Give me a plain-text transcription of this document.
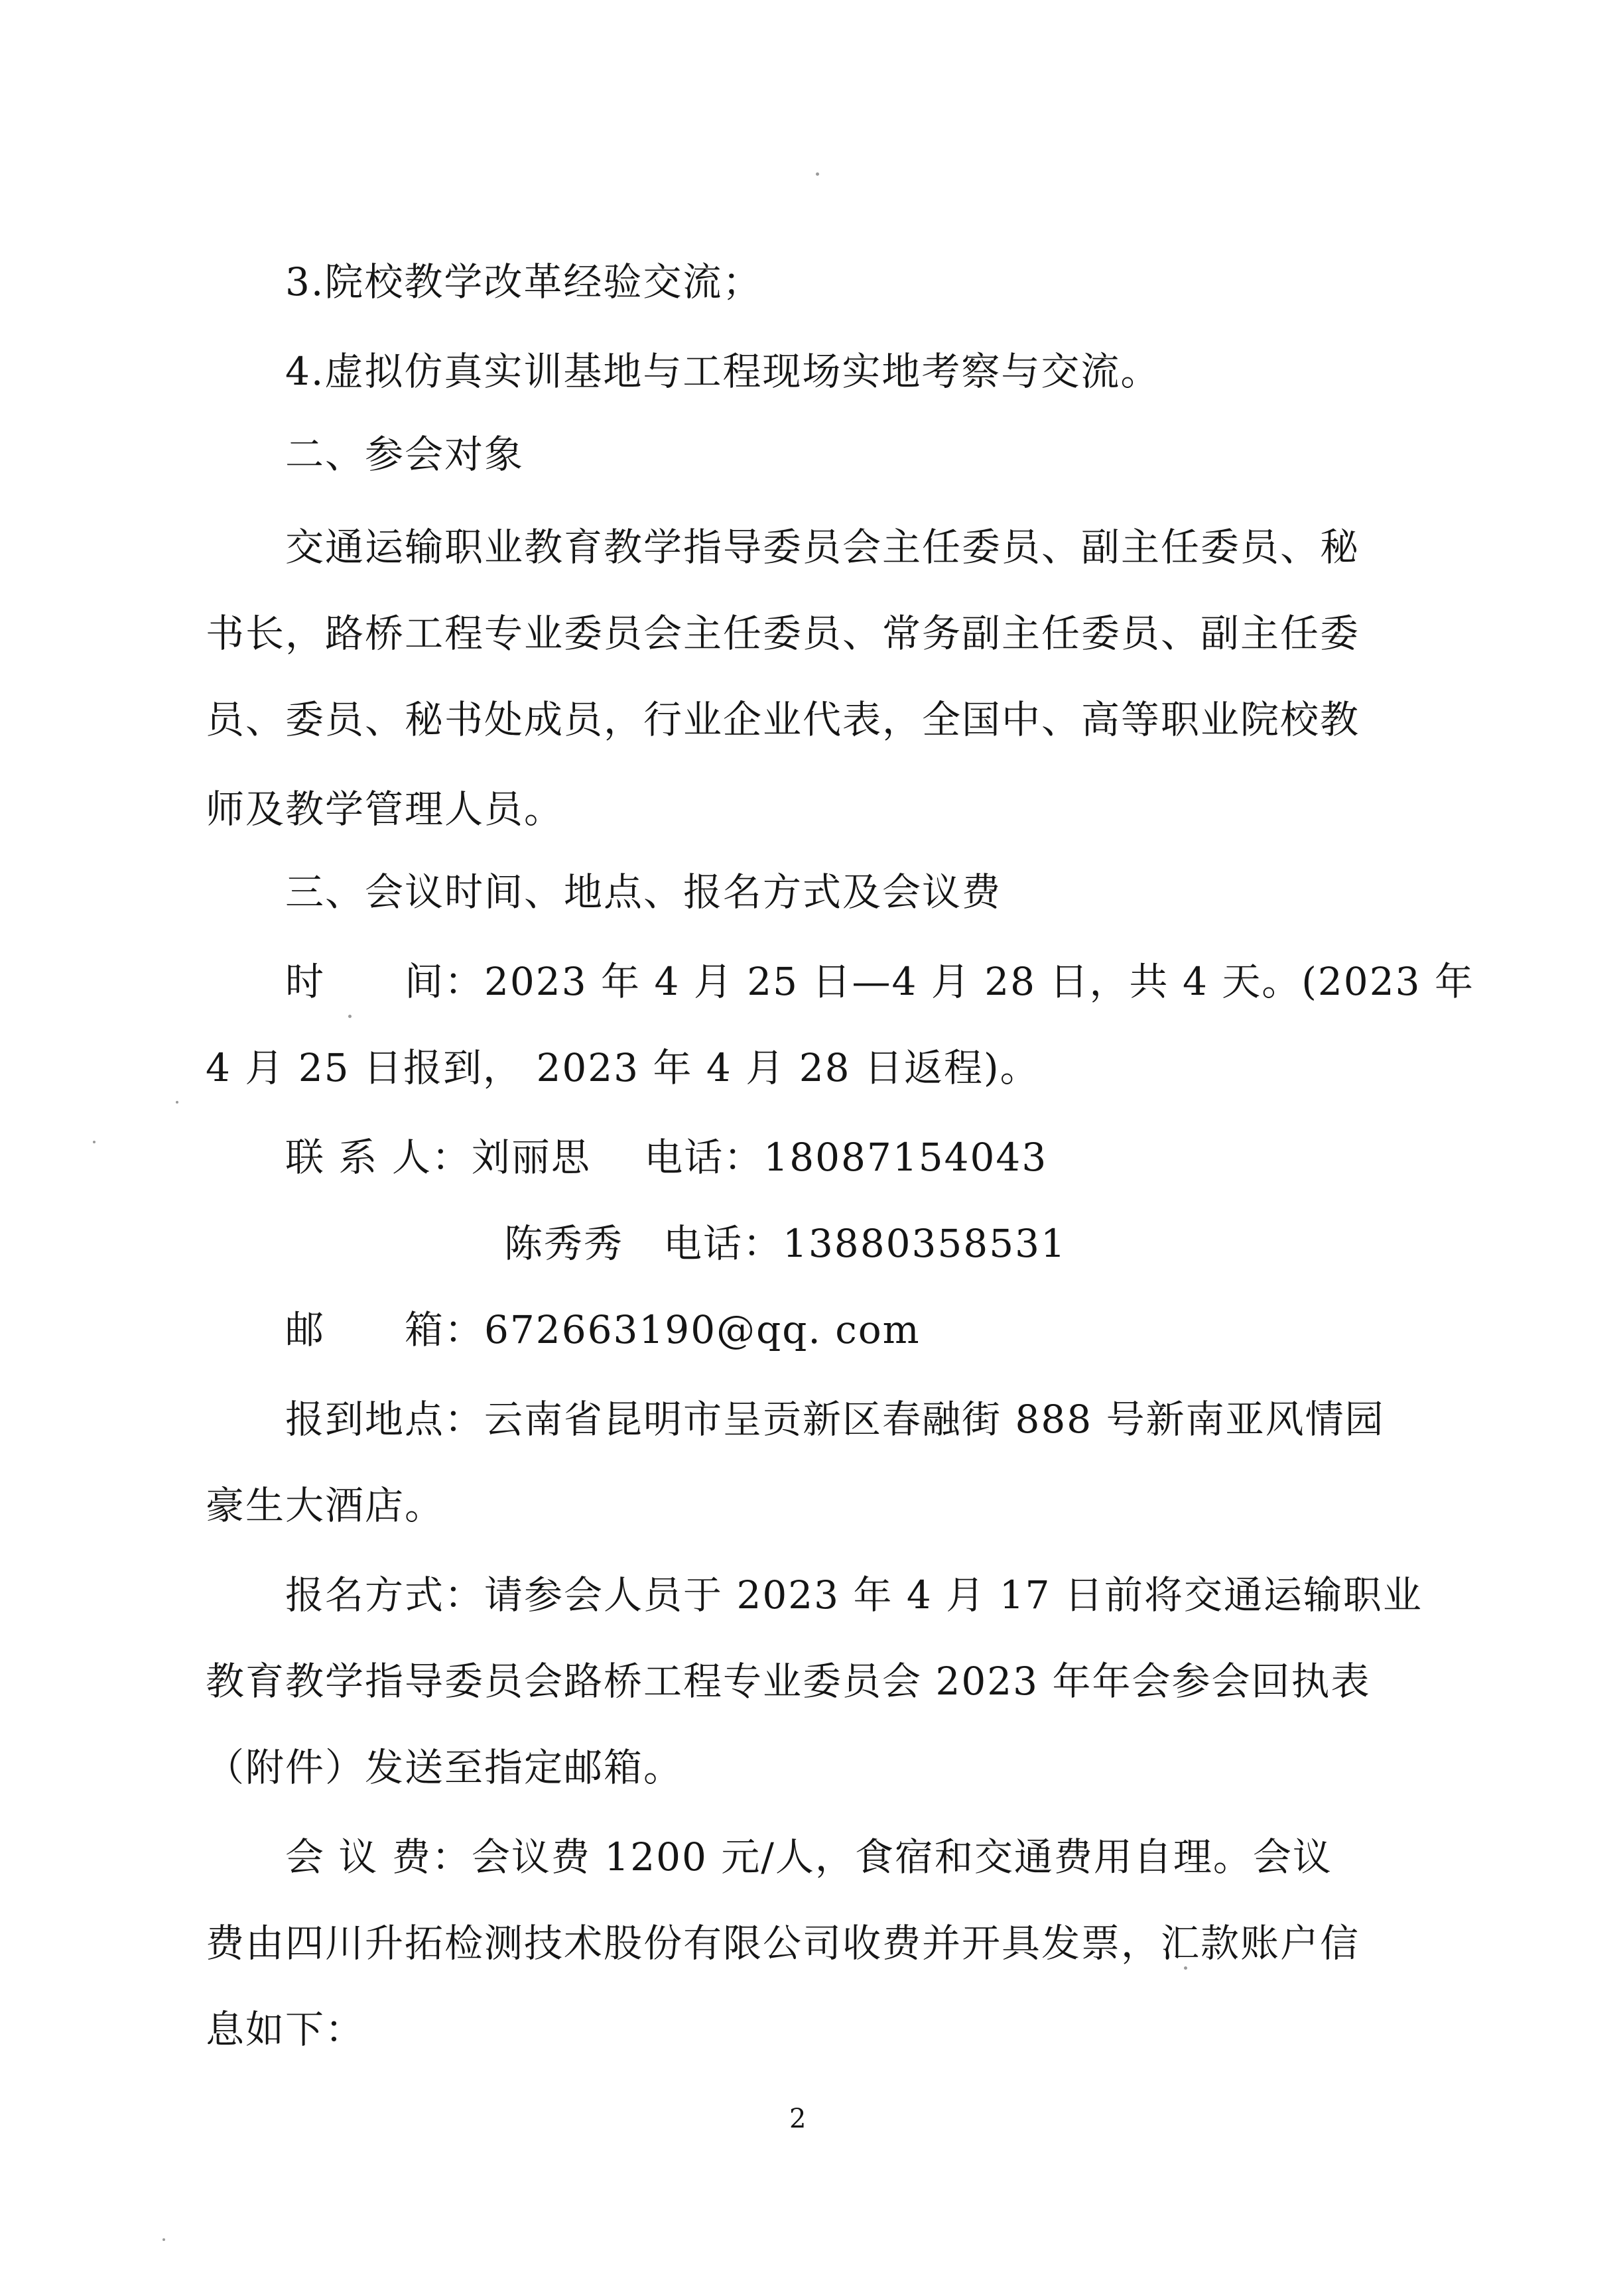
3.院校教学改革经验交流；
4.虚拟仿真实训基地与工程现场实地考察与交流。
二、参会对象
交通运输职业教育教学指导委员会主任委员、副主任委员、秘
书长，路桥工程专业委员会主任委员、常务副主任委员、副主任委
员、委员、秘书处成员，行业企业代表，全国中、高等职业院校教
师及教学管理人员。
三、会议时间、地点、报名方式及会议费
时　　间：2023 年 4 月 25 日—4 月 28 日，共 4 天。(2023 年
4 月 25 日报到， 2023 年 4 月 28 日返程)。
联 系 人：刘丽思　 电话：18087154043
陈秀秀　电话：13880358531
邮　　箱：672663190@qq. com
报到地点：云南省昆明市呈贡新区春融街 888 号新南亚风情园
豪生大酒店。
报名方式：请参会人员于 2023 年 4 月 17 日前将交通运输职业
教育教学指导委员会路桥工程专业委员会 2023 年年会参会回执表
（附件）发送至指定邮箱。
会 议 费：会议费 1200 元/人，食宿和交通费用自理。会议
费由四川升拓检测技术股份有限公司收费并开具发票，汇款账户信
息如下：
2
